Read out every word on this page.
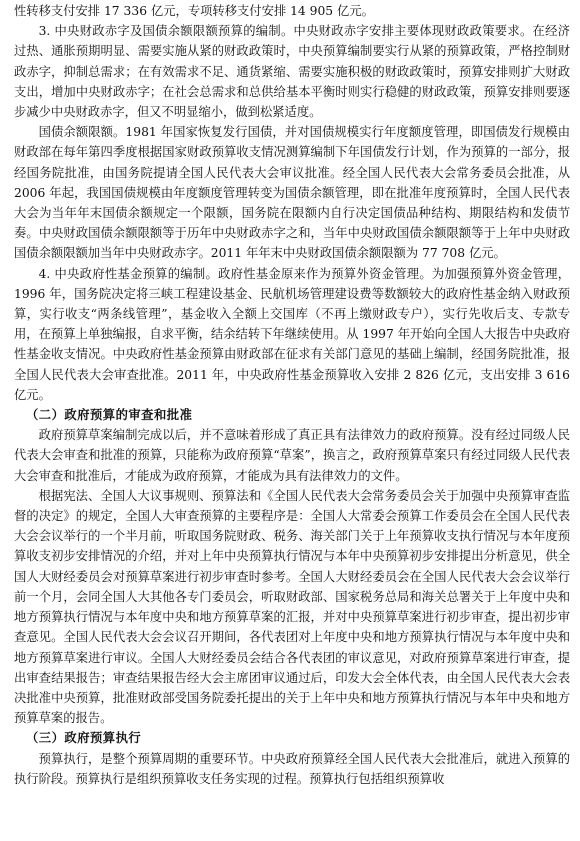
性转移支付安排 17 336 亿元，专项转移支付安排 14 905 亿元。

3. 中央财政赤字及国债余额限额预算的编制。中央财政赤字安排主要体现财政政策要求。在经济过热、通胀预期明显、需要实施从紧的财政政策时，中央预算编制要实行从紧的预算政策，严格控制财政赤字，抑制总需求；在有效需求不足、通货紧缩、需要实施积极的财政政策时，预算安排则扩大财政支出，增加中央财政赤字；在社会总需求和总供给基本平衡时则实行稳健的财政政策，预算安排则要逐步减少中央财政赤字，但又不明显缩小，做到松紧适度。

国债余额限额。1981 年国家恢复发行国债，并对国债规模实行年度额度管理，即国债发行规模由财政部在每年第四季度根据国家财政预算收支情况测算编制下年国债发行计划，作为预算的一部分，报经国务院批准，由国务院提请全国人民代表大会审议批准。经全国人民代表大会常务委员会批准，从 2006 年起，我国国债规模由年度额度管理转变为国债余额管理，即在批准年度预算时，全国人民代表大会为当年年末国债余额规定一个限额，国务院在限额内自行决定国债品种结构、期限结构和发债节奏。中央财政国债余额限额等于历年中央财政赤字之和，当年中央财政国债余额限额等于上年中央财政国债余额限额加当年中央财政赤字。2011 年年末中央财政国债余额限额为 77 708 亿元。

4. 中央政府性基金预算的编制。政府性基金原来作为预算外资金管理。为加强预算外资金管理，1996 年，国务院决定将三峡工程建设基金、民航机场管理建设费等数额较大的政府性基金纳入财政预算，实行收支“两条线管理”，基金收入全额上交国库（不再上缴财政专户），实行先收后支、专款专用，在预算上单独编报，自求平衡，结余结转下年继续使用。从 1997 年开始向全国人大报告中央政府性基金收支情况。中央政府性基金预算由财政部在征求有关部门意见的基础上编制，经国务院批准，报全国人民代表大会审查批准。2011 年，中央政府性基金预算收入安排 2 826 亿元，支出安排 3 616 亿元。

（二）政府预算的审查和批准

政府预算草案编制完成以后，并不意味着形成了真正具有法律效力的政府预算。没有经过同级人民代表大会审查和批准的预算，只能称为政府预算“草案”，换言之，政府预算草案只有经过同级人民代表大会审查和批准后，才能成为政府预算，才能成为具有法律效力的文件。

根据宪法、全国人大议事规则、预算法和《全国人民代表大会常务委员会关于加强中央预算审查监督的决定》的规定，全国人大审查预算的主要程序是：全国人大常委会预算工作委员会在全国人民代表大会会议举行的一个半月前，听取国务院财政、税务、海关部门关于上年预算收支执行情况与本年度预算收支初步安排情况的介绍，并对上年中央预算执行情况与本年中央预算初步安排提出分析意见，供全国人大财经委员会对预算草案进行初步审查时参考。全国人大财经委员会在全国人民代表大会会议举行前一个月，会同全国人大其他各专门委员会，听取财政部、国家税务总局和海关总署关于上年度中央和地方预算执行情况与本年度中央和地方预算草案的汇报，并对中央预算草案进行初步审查，提出初步审查意见。全国人民代表大会会议召开期间，各代表团对上年度中央和地方预算执行情况与本年度中央和地方预算草案进行审议。全国人大财经委员会结合各代表团的审议意见，对政府预算草案进行审查，提出审查结果报告；审查结果报告经大会主席团审议通过后，印发大会全体代表，由全国人民代表大会表决批准中央预算，批准财政部受国务院委托提出的关于上年中央和地方预算执行情况与本年中央和地方预算草案的报告。

（三）政府预算执行

预算执行，是整个预算周期的重要环节。中央政府预算经全国人民代表大会批准后，就进入预算的执行阶段。预算执行是组织预算收支任务实现的过程。预算执行包括组织预算收
